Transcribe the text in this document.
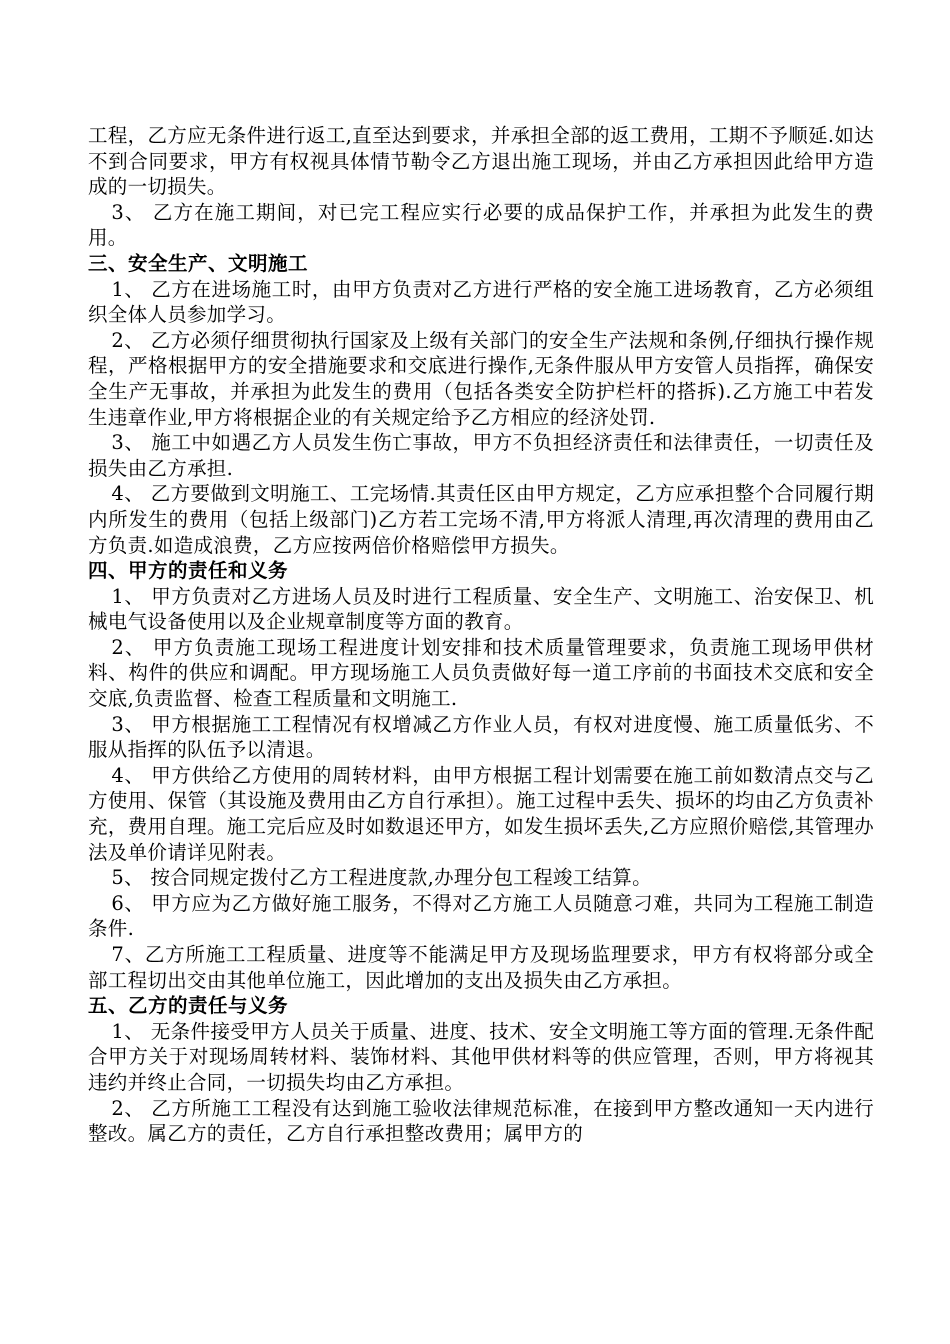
工程，乙方应无条件进行返工,直至达到要求，并承担全部的返工费用，工期不予顺延.如达不到合同要求，甲方有权视具体情节勒令乙方退出施工现场，并由乙方承担因此给甲方造成的一切损失。

3、 乙方在施工期间，对已完工程应实行必要的成品保护工作，并承担为此发生的费用。

三、安全生产、文明施工

1、 乙方在进场施工时，由甲方负责对乙方进行严格的安全施工进场教育，乙方必须组织全体人员参加学习。

2、 乙方必须仔细贯彻执行国家及上级有关部门的安全生产法规和条例,仔细执行操作规程，严格根据甲方的安全措施要求和交底进行操作,无条件服从甲方安管人员指挥，确保安全生产无事故，并承担为此发生的费用（包括各类安全防护栏杆的搭拆).乙方施工中若发生违章作业,甲方将根据企业的有关规定给予乙方相应的经济处罚.

3、 施工中如遇乙方人员发生伤亡事故，甲方不负担经济责任和法律责任，一切责任及损失由乙方承担.

4、 乙方要做到文明施工、工完场情.其责任区由甲方规定，乙方应承担整个合同履行期内所发生的费用（包括上级部门)乙方若工完场不清,甲方将派人清理,再次清理的费用由乙方负责.如造成浪费，乙方应按两倍价格赔偿甲方损失。

四、甲方的责任和义务

1、 甲方负责对乙方进场人员及时进行工程质量、安全生产、文明施工、治安保卫、机械电气设备使用以及企业规章制度等方面的教育。

2、 甲方负责施工现场工程进度计划安排和技术质量管理要求，负责施工现场甲供材料、构件的供应和调配。甲方现场施工人员负责做好每一道工序前的书面技术交底和安全交底,负责监督、检查工程质量和文明施工.

3、 甲方根据施工工程情况有权增减乙方作业人员，有权对进度慢、施工质量低劣、不服从指挥的队伍予以清退。

4、 甲方供给乙方使用的周转材料，由甲方根据工程计划需要在施工前如数清点交与乙方使用、保管（其设施及费用由乙方自行承担）。施工过程中丢失、损坏的均由乙方负责补充，费用自理。施工完后应及时如数退还甲方，如发生损坏丢失,乙方应照价赔偿,其管理办法及单价请详见附表。

5、 按合同规定拨付乙方工程进度款,办理分包工程竣工结算。

6、 甲方应为乙方做好施工服务，不得对乙方施工人员随意刁难，共同为工程施工制造条件.

7、乙方所施工工程质量、进度等不能满足甲方及现场监理要求，甲方有权将部分或全部工程切出交由其他单位施工，因此增加的支出及损失由乙方承担。

五、乙方的责任与义务

1、 无条件接受甲方人员关于质量、进度、技术、安全文明施工等方面的管理.无条件配合甲方关于对现场周转材料、装饰材料、其他甲供材料等的供应管理，否则，甲方将视其违约并终止合同，一切损失均由乙方承担。

2、 乙方所施工工程没有达到施工验收法律规范标准，在接到甲方整改通知一天内进行整改。属乙方的责任，乙方自行承担整改费用；属甲方的
